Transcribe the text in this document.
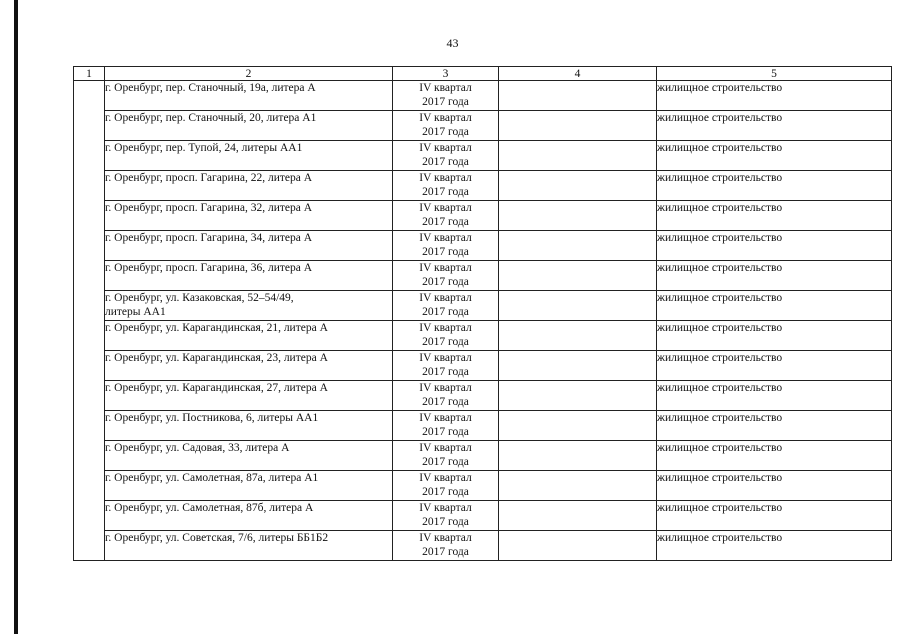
43
1	2	3	4	5

	г. Оренбург, пер. Станочный, 19а, литера А	IV квартал
2017 года		жилищное строительство

	г. Оренбург, пер. Станочный, 20, литера А1	IV квартал
2017 года		жилищное строительство

	г. Оренбург, пер. Тупой, 24, литеры АА1	IV квартал
2017 года		жилищное строительство

	г. Оренбург, просп. Гагарина, 22, литера А	IV квартал
2017 года		жилищное строительство

	г. Оренбург, просп. Гагарина, 32, литера А	IV квартал
2017 года		жилищное строительство

	г. Оренбург, просп. Гагарина, 34, литера А	IV квартал
2017 года		жилищное строительство

	г. Оренбург, просп. Гагарина, 36, литера А	IV квартал
2017 года		жилищное строительство

	г. Оренбург, ул. Казаковская, 52–54/49,
литеры АА1	IV квартал
2017 года		жилищное строительство

	г. Оренбург, ул. Карагандинская, 21, литера А	IV квартал
2017 года		жилищное строительство

	г. Оренбург, ул. Карагандинская, 23, литера А	IV квартал
2017 года		жилищное строительство

	г. Оренбург, ул. Карагандинская, 27, литера А	IV квартал
2017 года		жилищное строительство

	г. Оренбург, ул. Постникова, 6, литеры АА1	IV квартал
2017 года		жилищное строительство

	г. Оренбург, ул. Садовая, 33, литера А	IV квартал
2017 года		жилищное строительство

	г. Оренбург, ул. Самолетная, 87а, литера А1	IV квартал
2017 года		жилищное строительство

	г. Оренбург, ул. Самолетная, 87б, литера А	IV квартал
2017 года		жилищное строительство

	г. Оренбург, ул. Советская, 7/6, литеры ББ1Б2	IV квартал
2017 года		жилищное строительство
